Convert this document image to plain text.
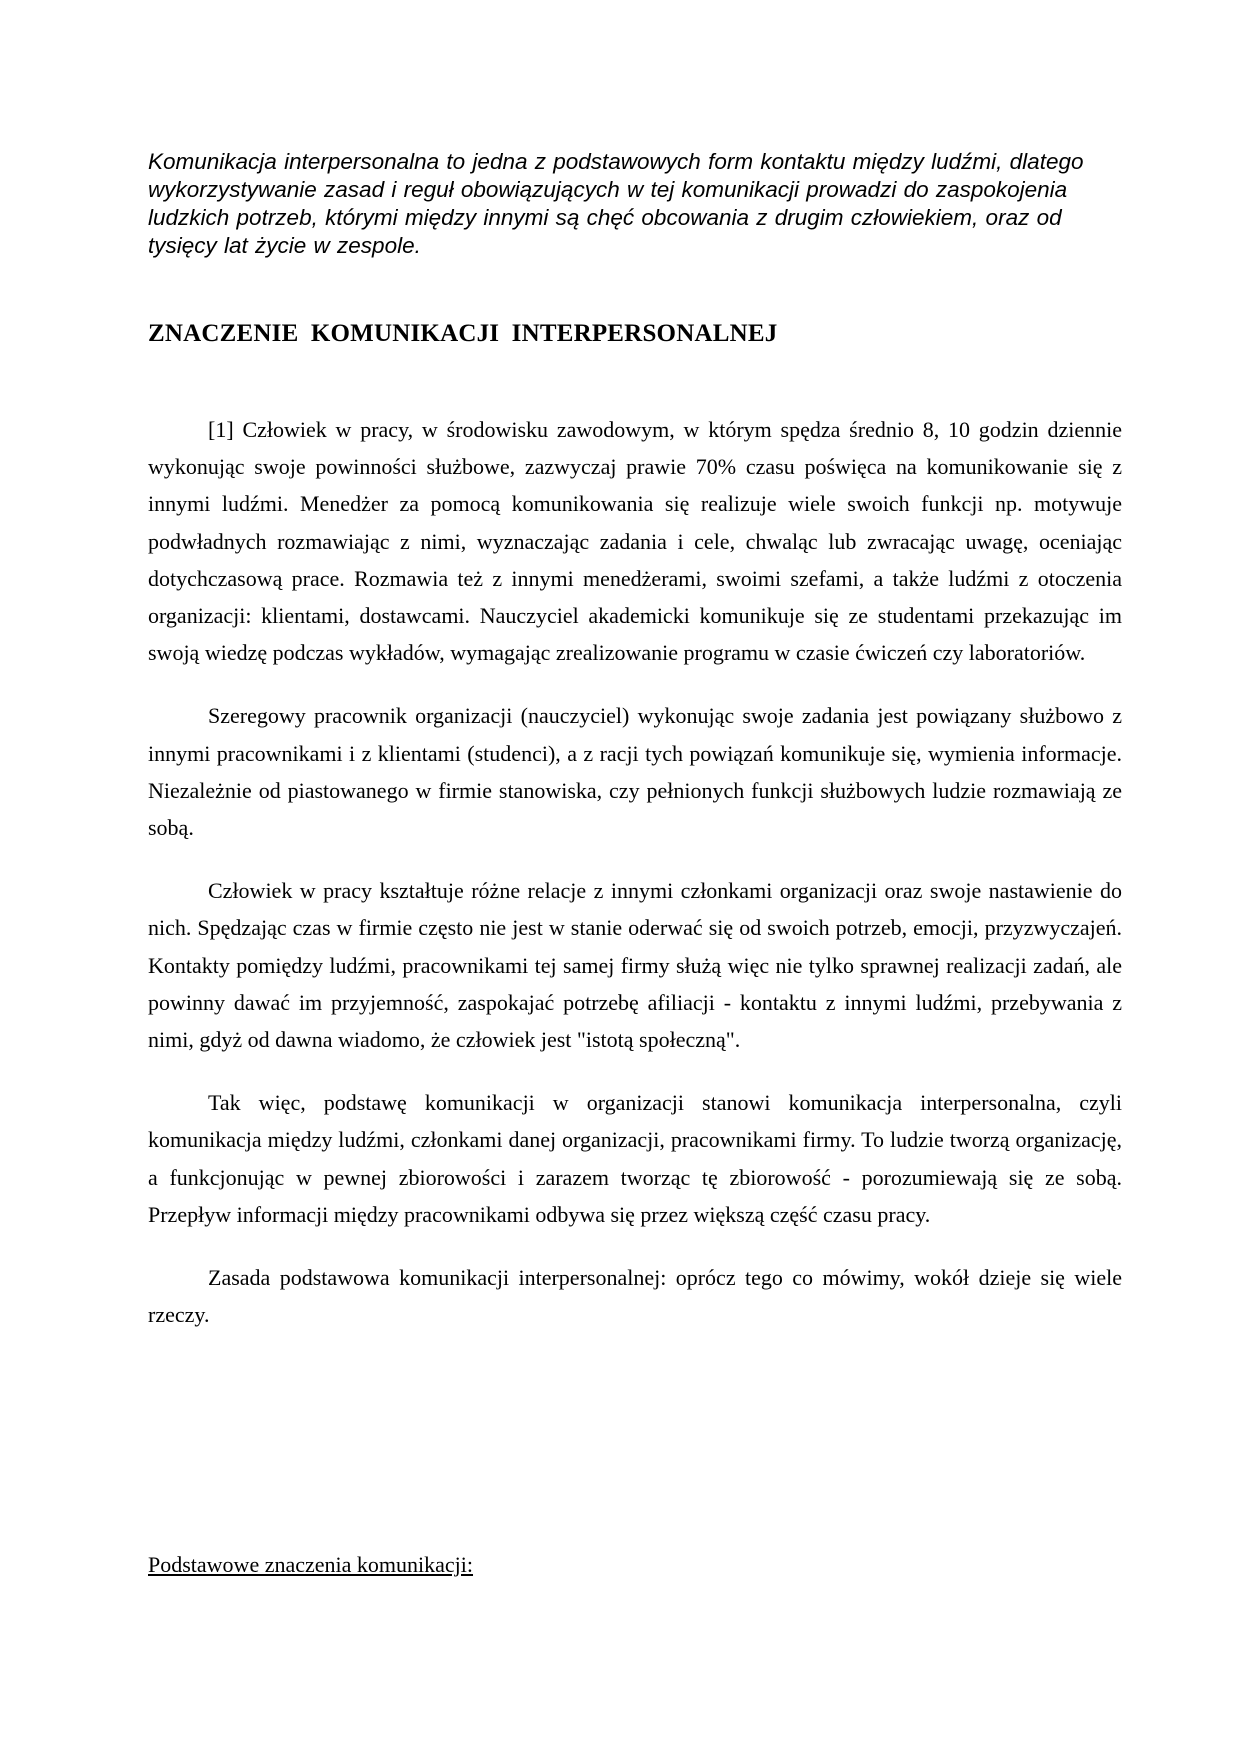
Komunikacja interpersonalna to jedna z podstawowych form kontaktu między ludźmi, dlatego wykorzystywanie zasad i reguł obowiązujących w tej komunikacji prowadzi do zaspokojenia ludzkich potrzeb, którymi między innymi są chęć obcowania z drugim człowiekiem, oraz od tysięcy lat życie w zespole.

ZNACZENIE KOMUNIKACJI INTERPERSONALNEJ

[1] Człowiek w pracy, w środowisku zawodowym, w którym spędza średnio 8, 10 godzin dziennie wykonując swoje powinności służbowe, zazwyczaj prawie 70% czasu poświęca na komunikowanie się z innymi ludźmi. Menedżer za pomocą komunikowania się realizuje wiele swoich funkcji np. motywuje podwładnych rozmawiając z nimi, wyznaczając zadania i cele, chwaląc lub zwracając uwagę, oceniając dotychczasową prace. Rozmawia też z innymi menedżerami, swoimi szefami, a także ludźmi z otoczenia organizacji: klientami, dostawcami. Nauczyciel akademicki komunikuje się ze studentami przekazując im swoją wiedzę podczas wykładów, wymagając zrealizowanie programu w czasie ćwiczeń czy laboratoriów.

Szeregowy pracownik organizacji (nauczyciel) wykonując swoje zadania jest powiązany służbowo z innymi pracownikami i z klientami (studenci), a z racji tych powiązań komunikuje się, wymienia informacje. Niezależnie od piastowanego w firmie stanowiska, czy pełnionych funkcji służbowych ludzie rozmawiają ze sobą.

Człowiek w pracy kształtuje różne relacje z innymi członkami organizacji oraz swoje nastawienie do nich. Spędzając czas w firmie często nie jest w stanie oderwać się od swoich potrzeb, emocji, przyzwyczajeń. Kontakty pomiędzy ludźmi, pracownikami tej samej firmy służą więc nie tylko sprawnej realizacji zadań, ale powinny dawać im przyjemność, zaspokajać potrzebę afiliacji - kontaktu z innymi ludźmi, przebywania z nimi, gdyż od dawna wiadomo, że człowiek jest "istotą społeczną".

Tak więc, podstawę komunikacji w organizacji stanowi komunikacja interpersonalna, czyli komunikacja między ludźmi, członkami danej organizacji, pracownikami firmy. To ludzie tworzą organizację, a funkcjonując w pewnej zbiorowości i zarazem tworząc tę zbiorowość - porozumiewają się ze sobą. Przepływ informacji między pracownikami odbywa się przez większą część czasu pracy.

Zasada podstawowa komunikacji interpersonalnej: oprócz tego co mówimy, wokół dzieje się wiele rzeczy.

Podstawowe znaczenia komunikacji:
